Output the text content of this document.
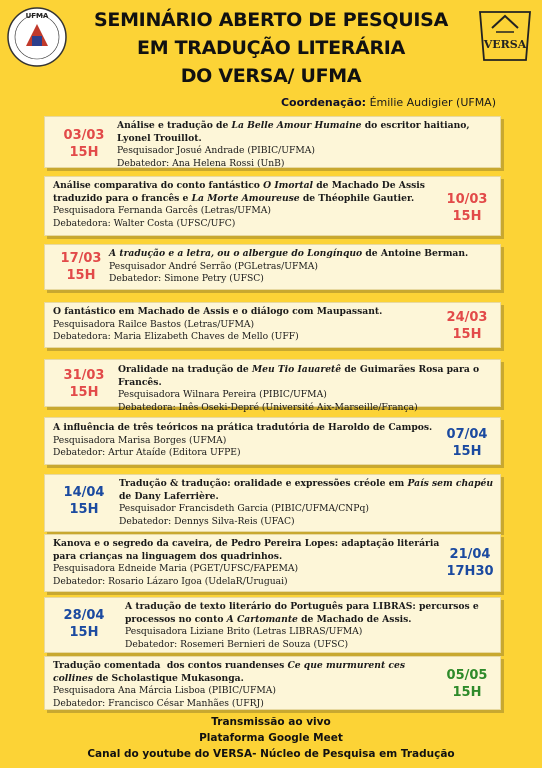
UFMA
VERSA
SEMINÁRIO ABERTO DE PESQUISA
EM TRADUÇÃO LITERÁRIA
DO VERSA/ UFMA
Coordenação: Émilie Audigier (UFMA)
03/03
15H
Análise e tradução de La Belle Amour Humaine do escritor haitiano, Lyonel Trouillot.
Pesquisador Josué Andrade (PIBIC/UFMA)
Debatedor: Ana Helena Rossi (UnB)
Análise comparativa do conto fantástico O Imortal de Machado De Assis traduzido para o francês e La Morte Amoureuse de Théophile Gautier.
Pesquisadora Fernanda Garcês (Letras/UFMA)
Debatedora: Walter Costa (UFSC/UFC)
10/03
15H
17/03
15H
A tradução e a letra, ou o albergue do Longínquo de Antoine Berman.
Pesquisador André Serrão (PGLetras/UFMA)
Debatedor: Simone Petry (UFSC)
O fantástico em Machado de Assis e o diálogo com Maupassant.
Pesquisadora Railce Bastos (Letras/UFMA)
Debatedora: Maria Elizabeth Chaves de Mello (UFF)
24/03
15H
31/03
15H
Oralidade na tradução de Meu Tio Iauaretê de Guimarães Rosa para o Francês.
Pesquisadora Wilnara Pereira (PIBIC/UFMA)
Debatedora: Inês Oseki-Depré (Université Aix-Marseille/França)
A influência de três teóricos na prática tradutória de Haroldo de Campos.
Pesquisadora Marisa Borges (UFMA)
Debatedor: Artur Ataíde (Editora UFPE)
07/04
15H
14/04
15H
Tradução & tradução: oralidade e expressões créole em País sem chapéu de Dany Laferrière.
Pesquisador Francisdeth Garcia (PIBIC/UFMA/CNPq)
Debatedor: Dennys Silva-Reis (UFAC)
Kanova e o segredo da caveira, de Pedro Pereira Lopes: adaptação literária para crianças na linguagem dos quadrinhos.
Pesquisadora Edneide Maria (PGET/UFSC/FAPEMA)
Debatedor: Rosario Lázaro Igoa (UdelaR/Uruguai)
21/04
17H30
28/04
15H
A tradução de texto literário do Português para LIBRAS: percursos e processos no conto A Cartomante de Machado de Assis.
Pesquisadora Liziane Brito (Letras LIBRAS/UFMA)
Debatedor: Rosemeri Bernieri de Souza (UFSC)
Tradução comentada  dos contos ruandenses Ce que murmurent ces collines de Scholastique Mukasonga.
Pesquisadora Ana Márcia Lisboa (PIBIC/UFMA)
Debatedor: Francisco César Manhães (UFRJ)
05/05
15H
Transmissão ao vivo
Plataforma Google Meet
Canal do youtube do VERSA- Núcleo de Pesquisa em Tradução
